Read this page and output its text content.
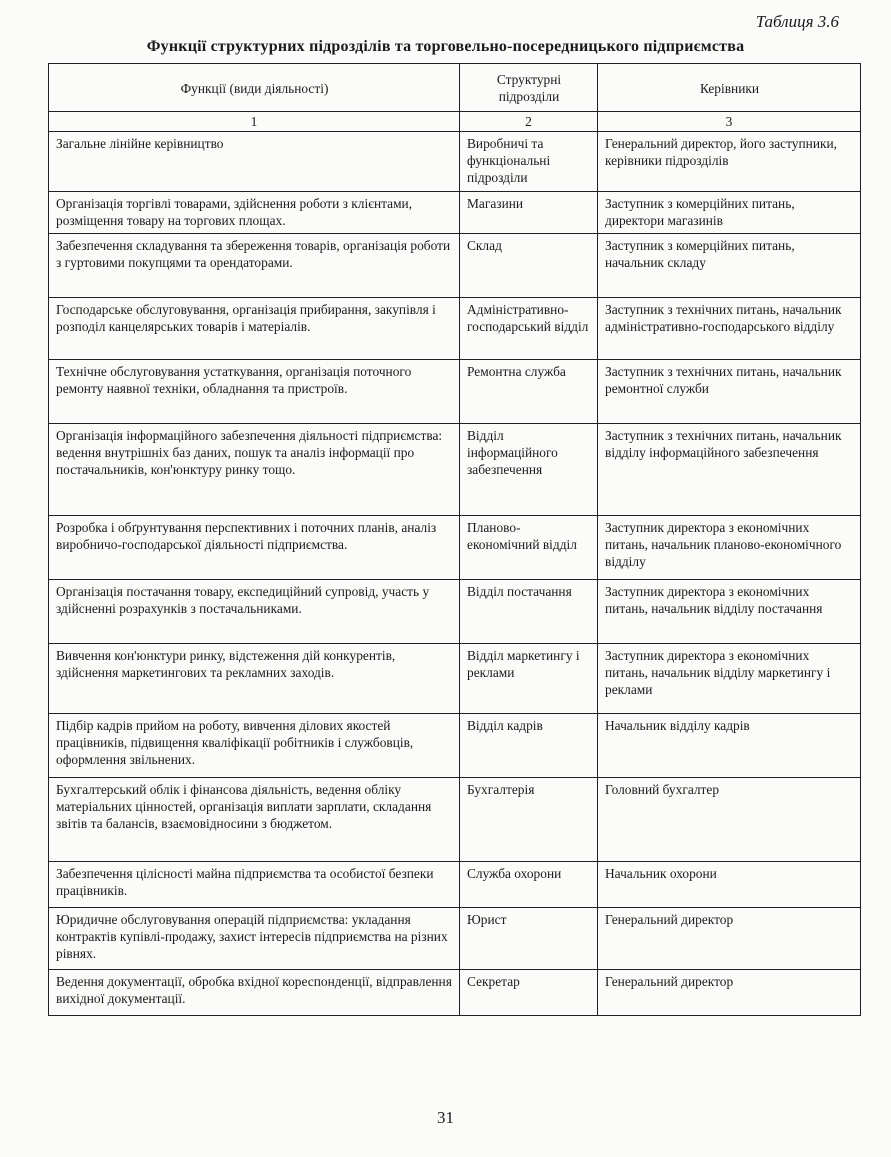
Таблиця 3.6
Функції структурних підрозділів та торговельно-посередницького підприємства
Функції (види діяльності)	Структурні підрозділи	Керівники
1	2	3
Загальне лінійне керівництво	Виробничі та функціональні підрозділи	Генеральний директор, його заступники, керівники підрозділів
Організація торгівлі товарами, здійснення роботи з клієнтами, розміщення товару на торгових площах.	Магазини	Заступник з комерційних питань, директори магазинів
Забезпечення складування та збереження товарів, організація роботи з гуртовими покупцями та орендаторами.	Склад	Заступник з комерційних питань, начальник складу
Господарське обслуговування, організація прибирання, закупівля і розподіл канцелярських товарів і матеріалів.	Адміністративно-господарський відділ	Заступник з технічних питань, начальник адміністративно-господарського відділу
Технічне обслуговування устаткування, організація поточного ремонту наявної техніки, обладнання та пристроїв.	Ремонтна служба	Заступник з технічних питань, начальник ремонтної служби
Організація інформаційного забезпечення діяльності підприємства: ведення внутрішніх баз даних, пошук та аналіз інформації про постачальників, кон'юнктуру ринку тощо.	Відділ інформаційного забезпечення	Заступник з технічних питань, начальник відділу інформаційного забезпечення
Розробка і обґрунтування перспективних і поточних планів, аналіз виробничо-господарської діяльності підприємства.	Планово-економічний відділ	Заступник директора з економічних питань, начальник планово-економічного відділу
Організація постачання товару, експедиційний супровід, участь у здійсненні розрахунків з постачальниками.	Відділ постачання	Заступник директора з економічних питань, начальник відділу постачання
Вивчення кон'юнктури ринку, відстеження дій конкурентів, здійснення маркетингових та рекламних заходів.	Відділ маркетингу і реклами	Заступник директора з економічних питань, начальник відділу маркетингу і реклами
Підбір кадрів прийом на роботу, вивчення ділових якостей працівників, підвищення кваліфікації робітників і службовців, оформлення звільнених.	Відділ кадрів	Начальник відділу кадрів
Бухгалтерський облік і фінансова діяльність, ведення обліку матеріальних цінностей, організація виплати зарплати, складання звітів та балансів, взаємовідносини з бюджетом.	Бухгалтерія	Головний бухгалтер
Забезпечення цілісності майна підприємства та особистої безпеки працівників.	Служба охорони	Начальник охорони
Юридичне обслуговування операцій підприємства: укладання контрактів купівлі-продажу, захист інтересів підприємства на різних рівнях.	Юрист	Генеральний директор
Ведення документації, обробка вхідної кореспонденції, відправлення вихідної документації.	Секретар	Генеральний директор
31
